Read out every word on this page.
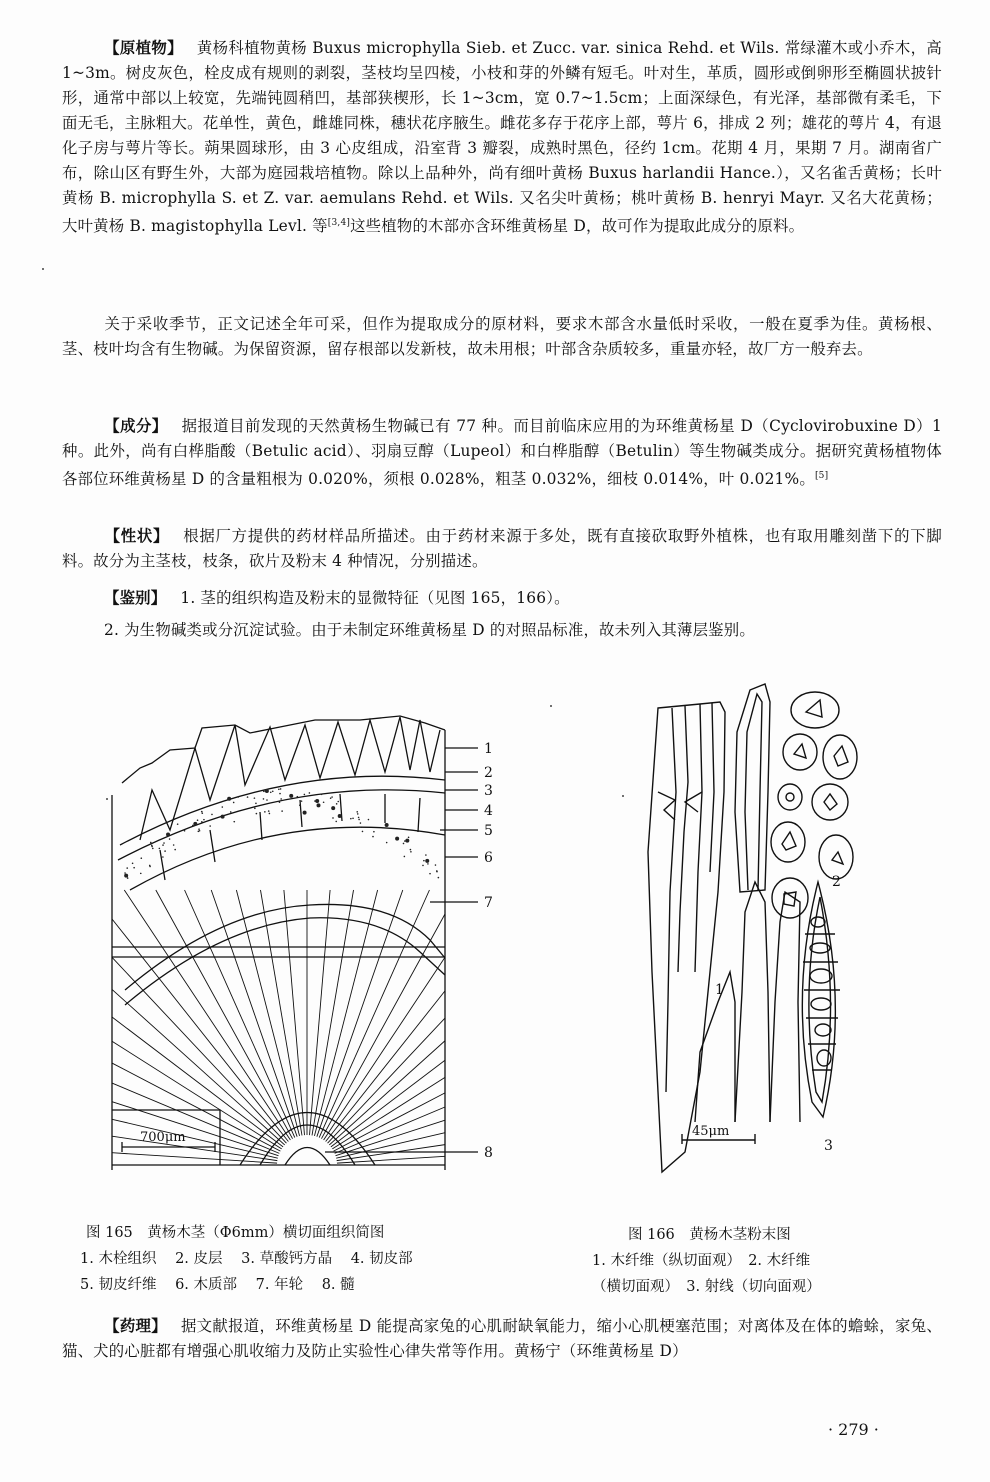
【原植物】 黄杨科植物黄杨 Buxus microphylla Sieb. et Zucc. var. sinica Rehd. et Wils. 常绿灌木或小乔木，高 1~3m。树皮灰色，栓皮成有规则的剥裂，茎枝均呈四棱，小枝和芽的外鳞有短毛。叶对生，革质，圆形或倒卵形至椭圆状披针形，通常中部以上较宽，先端钝圆稍凹，基部狭楔形，长 1~3cm，宽 0.7~1.5cm；上面深绿色，有光泽，基部微有柔毛，下面无毛，主脉粗大。花单性，黄色，雌雄同株，穗状花序腋生。雌花多存于花序上部，萼片 6，排成 2 列；雄花的萼片 4，有退化子房与萼片等长。蒴果圆球形，由 3 心皮组成，沿室背 3 瓣裂，成熟时黑色，径约 1cm。花期 4 月，果期 7 月。湖南省广布，除山区有野生外，大部为庭园栽培植物。除以上品种外，尚有细叶黄杨 Buxus harlandii Hance.），又名雀舌黄杨；长叶黄杨 B. microphylla S. et Z. var. aemulans Rehd. et Wils. 又名尖叶黄杨；桃叶黄杨 B. henryi Mayr. 又名大花黄杨；大叶黄杨 B. magistophylla Levl. 等[3,4]这些植物的木部亦含环维黄杨星 D，故可作为提取此成分的原料。
关于采收季节，正文记述全年可采，但作为提取成分的原材料，要求木部含水量低时采收，一般在夏季为佳。黄杨根、茎、枝叶均含有生物碱。为保留资源，留存根部以发新枝，故未用根；叶部含杂质较多，重量亦轻，故厂方一般弃去。
【成分】 据报道目前发现的天然黄杨生物碱已有 77 种。而目前临床应用的为环维黄杨星 D（Cyclovirobuxine D）1 种。此外，尚有白桦脂酸（Betulic acid）、羽扇豆醇（Lupeol）和白桦脂醇（Betulin）等生物碱类成分。据研究黄杨植物体各部位环维黄杨星 D 的含量粗根为 0.020%，须根 0.028%，粗茎 0.032%，细枝 0.014%，叶 0.021%。[5]
【性状】 根据厂方提供的药材样品所描述。由于药材来源于多处，既有直接砍取野外植株，也有取用雕刻凿下的下脚料。故分为主茎枝，枝条，砍片及粉末 4 种情况，分别描述。
【鉴别】 1. 茎的组织构造及粉末的显微特征（见图 165，166）。
2. 为生物碱类或分沉淀试验。由于未制定环维黄杨星 D 的对照品标准，故未列入其薄层鉴别。
1
2
3
4
5
6
7
8
700μm
1
2
3
45μm
图 165　黄杨木茎（Φ6mm）横切面组织简图
1. 木栓组织 2. 皮层 3. 草酸钙方晶 4. 韧皮部
5. 韧皮纤维 6. 木质部 7. 年轮 8. 髓
图 166　黄杨木茎粉末图
1. 木纤维（纵切面观）　2. 木纤维
（横切面观）　3. 射线（切向面观）
【药理】 据文献报道，环维黄杨星 D 能提高家兔的心肌耐缺氧能力，缩小心肌梗塞范围；对离体及在体的蟾蜍，家兔、猫、犬的心脏都有增强心肌收缩力及防止实验性心律失常等作用。黄杨宁（环维黄杨星 D）
· 279 ·
